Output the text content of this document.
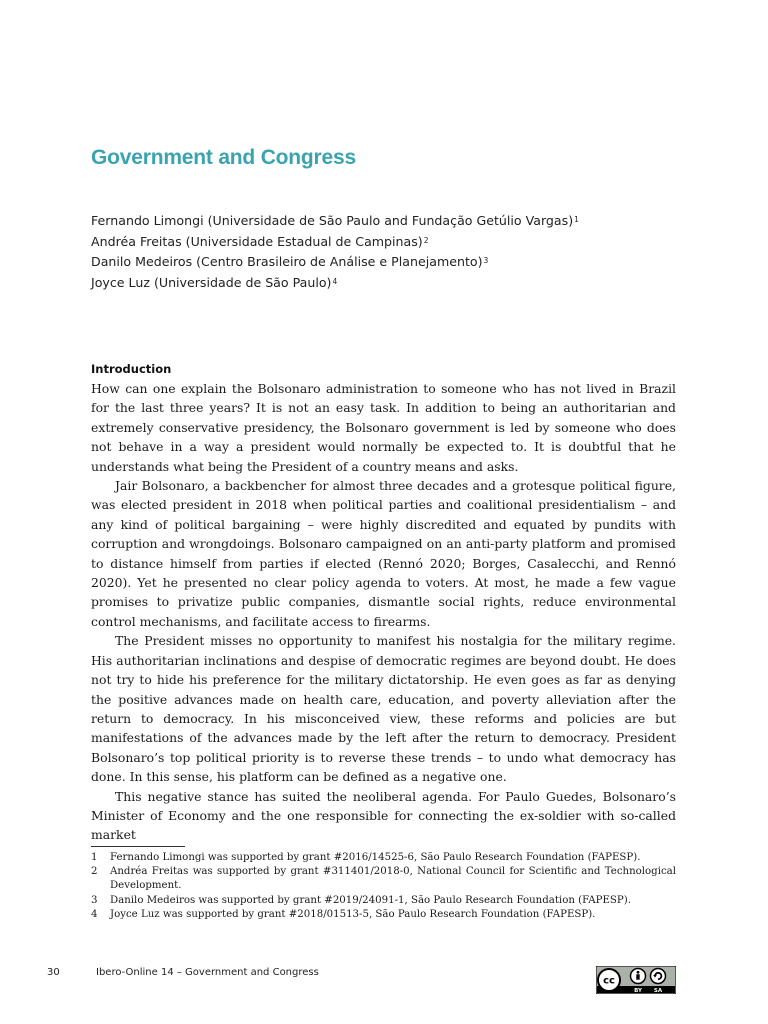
Government and Congress
Fernando Limongi (Universidade de São Paulo and Fundação Getúlio Vargas)$^1$
Andréa Freitas (Universidade Estadual de Campinas)$^2$
Danilo Medeiros (Centro Brasileiro de Análise e Planejamento)$^3$
Joyce Luz (Universidade de São Paulo)$^4$
Introduction

How can one explain the Bolsonaro administration to someone who has not lived in Brazil for the last three years? It is not an easy task. In addition to being an authoritarian and extremely conservative presidency, the Bolsonaro government is led by someone who does not behave in a way a president would normally be expected to. It is doubtful that he understands what being the President of a country means and asks.

Jair Bolsonaro, a backbencher for almost three decades and a grotesque political figure, was elected president in 2018 when political parties and coalitional presidentialism – and any kind of political bargaining – were highly discredited and equated by pundits with corruption and wrongdoings. Bolsonaro campaigned on an anti-party platform and promised to distance himself from parties if elected (Rennó 2020; Borges, Casalecchi, and Rennó 2020). Yet he presented no clear policy agenda to voters. At most, he made a few vague promises to privatize public companies, dismantle social rights, reduce environmental control mechanisms, and facilitate access to firearms.

The President misses no opportunity to manifest his nostalgia for the military regime. His authoritarian inclinations and despise of democratic regimes are beyond doubt. He does not try to hide his preference for the military dictatorship. He even goes as far as denying the positive advances made on health care, education, and poverty alleviation after the return to democracy. In his misconceived view, these reforms and policies are but manifestations of the advances made by the left after the return to democracy. President Bolsonaro’s top political priority is to reverse these trends – to undo what democracy has done. In this sense, his platform can be defined as a negative one.

This negative stance has suited the neoliberal agenda. For Paulo Guedes, Bolsonaro’s Minister of Economy and the one responsible for connecting the ex-soldier with so-called market

1	Fernando Limongi was supported by grant #2016/14525-6, São Paulo Research Foundation (FAPESP).
2	Andréa Freitas was supported by grant #311401/2018-0, National Council for Scientific and Technological Development.
3	Danilo Medeiros was supported by grant #2019/24091-1, São Paulo Research Foundation (FAPESP).
4	Joyce Luz was supported by grant #2018/01513-5, São Paulo Research Foundation (FAPESP).
30	Ibero-Online 14 – Government and Congress
cc
BY SA
